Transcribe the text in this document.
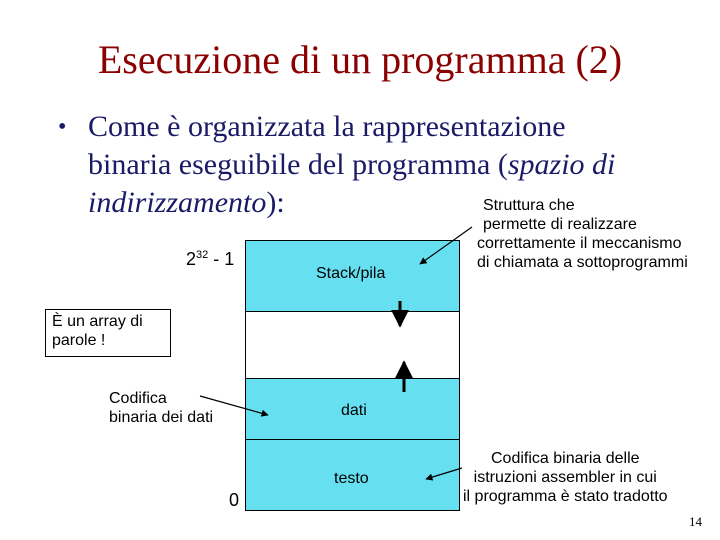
Esecuzione di un programma (2)
• Come è organizzata la rappresentazione
binaria eseguibile del programma (spazio di
indirizzamento):
Stack/pila
dati
testo
$2^{32} - 1$
0
È un array di
parole !
Struttura che
permette di realizzare
correttamente il meccanismo
di chiamata a sottoprogrammi
Codifica
binaria dei dati
Codifica binaria delle
istruzioni assembler in cui
il programma è stato tradotto
14
